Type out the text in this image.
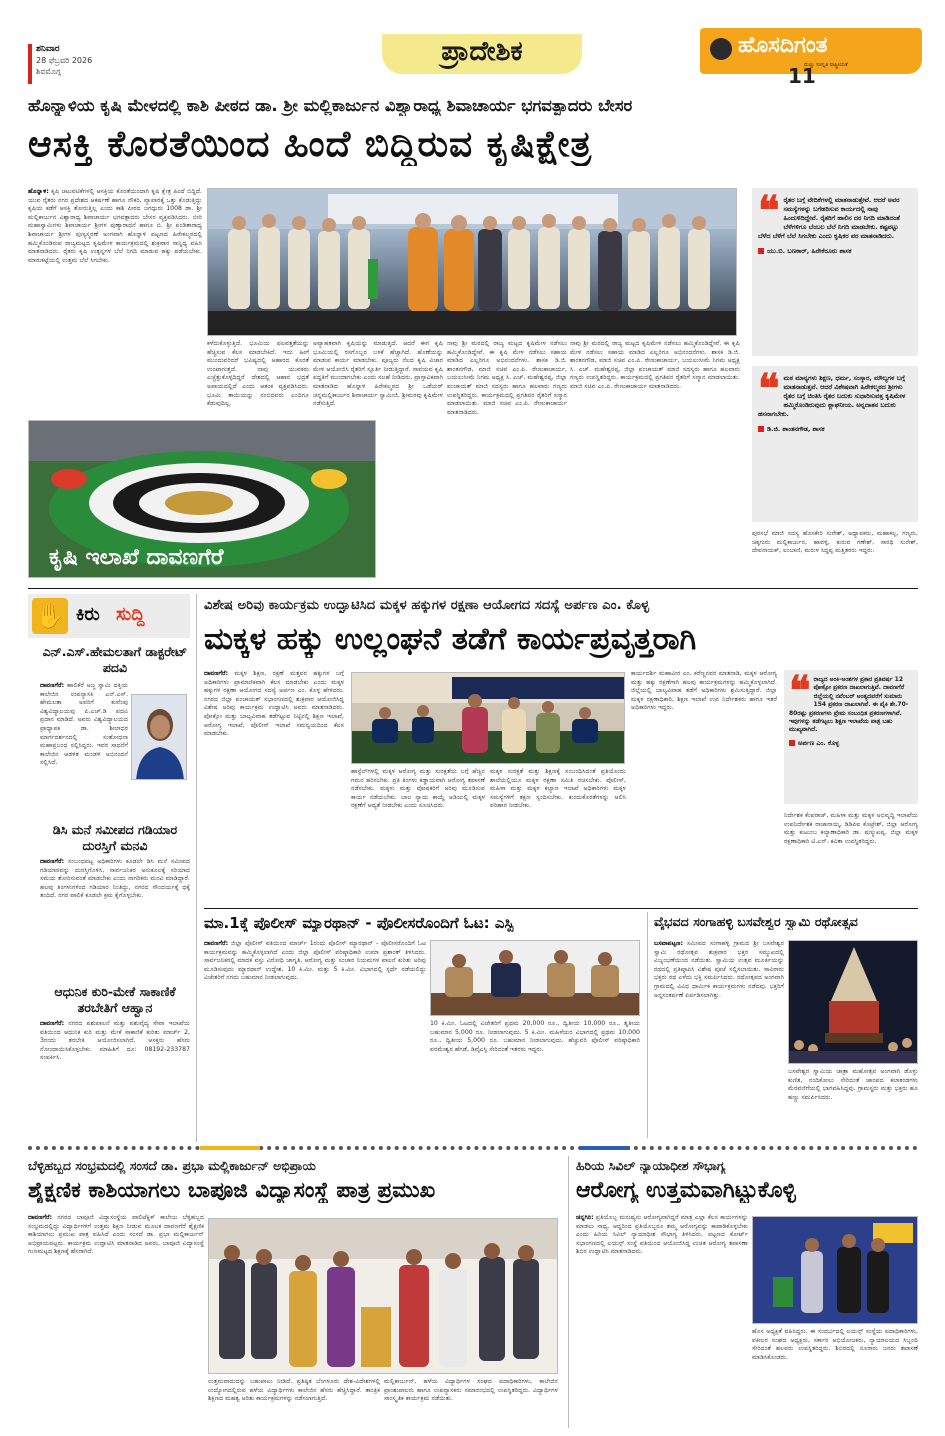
ಶನಿವಾರ
28 ಫೆಬ್ರವರಿ 2026
ಶಿವಮೊಗ್ಗ
ಪ್ರಾದೇಶಿಕ	ಹೊಸದಿಗಂತ
ಮಣ್ಣು ಸಂಸ್ಕೃತಿ ರಾಷ್ಟ್ರೀಯತೆ
11
ಹೊನ್ನಾಳಿಯ ಕೃಷಿ ಮೇಳದಲ್ಲಿ ಕಾಶಿ ಪೀಠದ ಡಾ. ಶ್ರೀ ಮಲ್ಲಿಕಾರ್ಜುನ ವಿಶ್ವಾರಾಧ್ಯ ಶಿವಾಚಾರ್ಯ ಭಗವತ್ಪಾದರು ಬೇಸರ
ಆಸಕ್ತಿ ಕೊರತೆಯಿಂದ ಹಿಂದೆ ಬಿದ್ದಿರುವ ಕೃಷಿಕ್ಷೇತ್ರ
ಹೊನ್ನಾಳಿ: ಕೃಷಿ ಚಟುವಟಿಕೆಗಳಲ್ಲಿ ಆಸಕ್ತಿಯ ಕೊರತೆಯಿಂದಾಗಿ ಕೃಷಿ ಕ್ಷೇತ್ರ ಹಿಂದೆ ಬಿದ್ದಿದೆ. ಯುವ ರೈತರು ನಗರ ಪ್ರದೇಶದ ಆಕರ್ಷಣೆ ಹಾಗೂ ನೌಕರಿ, ವ್ಯಾಪಾರಕ್ಕೆ ಒತ್ತು ಕೊಡುತ್ತಿದ್ದು ಕೃಷಿಯ ಕಡೆಗೆ ಆಸಕ್ತಿ ತೋರುತ್ತಿಲ್ಲ ಎಂದು ಕಾಶಿ ಪೀಠದ ಜಗದ್ಗುರು 1008 ಡಾ. ಶ್ರೀ ಮಲ್ಲಿಕಾರ್ಜುನ ವಿಶ್ವಾರಾಧ್ಯ ಶಿವಾಚಾರ್ಯ ಭಗವತ್ಪಾದರು ಬೇಸರ ವ್ಯಕ್ತಪಡಿಸಿದರು. ಬೀರಿ ಮಹಾಸ್ವಾಮಿಗಳು ಶಿವಾಚಾರ್ಯ ಶ್ರೀಗಳ ಪುಣ್ಯಾರಾಧನೆ ಹಾಗೂ ಬಿ. ಶ್ರೀ ಪಂಡಿತಾರಾಧ್ಯ ಶಿವಾಚಾರ್ಯ ಶ್ರೀಗಳ ಪುಣ್ಯಸ್ಮರಣೆ ಅಂಗವಾಗಿ ಹೊನ್ನಾಳಿ ಪಟ್ಟಣದ ಹಿರೇಕಲ್ಮಠದಲ್ಲಿ ಹಮ್ಮಿಕೊಂಡಿರುವ ರಾಜ್ಯಮಟ್ಟದ ಕೃಷಿಮೇಳ ಕಾರ್ಯಕ್ರಮದಲ್ಲಿ ಶುಕ್ರವಾರ ಸಾನ್ನಿಧ್ಯ ವಹಿಸಿ ಮಾತನಾಡಿದರು. ರೈತರು ಕೃಷಿ ಉತ್ಪನ್ನಗಳ ಬೆಲೆ ನಿಗದಿ ಮಾಡುವ ಹಕ್ಕು ಪಡೆಯಬೇಕು. ಮಾರುಕಟ್ಟೆಯಲ್ಲಿ ಉತ್ತಮ ಬೆಲೆ ಸಿಗಬೇಕು.
ಕಳೆದುಕೊಳ್ಳುತ್ತಿದೆ. ಭೂಮಿಯ ಫಲವತ್ತತೆಯನ್ನು ಹೆಚ್ಚಿಸುವ ಕೆಲಸ ಮಾಡಬೇಕಿದೆ. ಇದು ಹೀಗೆ ಮುಂದುವರಿದರೆ ಭವಿಷ್ಯದಲ್ಲಿ ಆಹಾರದ ಕೊರತೆ ಉಂಟಾಗುತ್ತದೆ. ನಾವು ಯುವಕರು ಎಚ್ಚೆತ್ತುಕೊಳ್ಳದಿದ್ದರೆ ದೇಶದಲ್ಲಿ ಆಹಾರ ಭದ್ರತೆ ಅಪಾಯದಲ್ಲಿದೆ ಎಂದು ಆತಂಕ ವ್ಯಕ್ತಪಡಿಸಿದರು. ಭೂಮಿ ತಾಯಿಯನ್ನು ನಂಬಿದವರು ಎಂದಿಗೂ ಕೆಡುವುದಿಲ್ಲ.
ಅವ್ಯಾಹತವಾಗಿ ಕೃಷಿಯನ್ನು ಮಾಡುತ್ತಿದೆ. ಆದರೆ ಈಗ ಕೃಷಿ ಭೂಮಿಯಲ್ಲಿ ರಸಗೊಬ್ಬರ ಬಳಕೆ ಹೆಚ್ಚಾಗಿದೆ. ಹೊಣೆಯನ್ನು ಮಾಡುವ ಕಾರ್ಯ ಮಾಡಬೇಕು. ಪೂಜ್ಯರು ನೆಲದ ಕೃಷಿ ವಿಚಾರ ಮೇಳ ಆಯೋಜಿಸಿ ರೈತರಿಗೆ ಸ್ಪೂರ್ತಿ ನೀಡುತ್ತಿದ್ದಾರೆ. ಸಾವಯವ ಕೃಷಿ ಪದ್ದತಿಗೆ ಮುಂದಾಗಬೇಕು ಎಂದು ಸಲಹೆ ನೀಡಿದರು. ಪ್ರಾಸ್ತಾವಿಕವಾಗಿ ಮಾತನಾಡಿದ ಹೊನ್ನಾಳಿ ಹಿರೇಕಲ್ಮಠದ ಶ್ರೀ ಒಡೆಯರ್ ಚನ್ನಮಲ್ಲಿಕಾರ್ಜುನ ಶಿವಾಚಾರ್ಯ ಸ್ವಾಮೀಜಿ, ಶ್ರೀಮಠವು ಕೃಷಿಮೇಳ ನಡೆಸುತ್ತಿದೆ.
ನಾವು ಶ್ರೀ ಮಠದಲ್ಲಿ ರಾಜ್ಯ ಮಟ್ಟದ ಕೃಷಿಮೇಳ ನಡೆಸಲು ಹಮ್ಮಿಕೊಂಡಿದ್ದೇವೆ. ಈ ಕೃಷಿ ಮೇಳ ನಡೆಸಲು ಸಹಾಯ ಮಾಡಿದ ಎಲ್ಲರಿಗೂ ಅಭಿನಂದನೆಗಳು. ಶಾಸಕ ಡಿ.ಜಿ. ಶಾಂತನಗೌಡ, ಮಾಜಿ ಸಚಿವ ಎಂ.ಪಿ. ರೇಣುಕಾಚಾರ್ಯ, ಬಯಲುಸೀಮೆ ನಿಗಮ ಅಧ್ಯಕ್ಷ ಸಿ. ಎಚ್. ಮಹೇಶ್ವರಪ್ಪ, ಜಿಲ್ಲಾ ಪಂಚಾಯತ್ ಮಾಜಿ ಸದಸ್ಯರು ಹಾಗೂ ಹಲವಾರು ಗಣ್ಯರು ಉಪಸ್ಥಿತರಿದ್ದರು. ಕಾರ್ಯಕ್ರಮದಲ್ಲಿ ಪ್ರಗತಿಪರ ರೈತರಿಗೆ ಸನ್ಮಾನ ಮಾಡಲಾಯಿತು. ಮಾಜಿ ಸಚಿವ ಎಂ.ಪಿ. ರೇಣುಕಾಚಾರ್ಯ ಮಾತನಾಡಿದರು.
ನಾವು ಶ್ರೀ ಮಠದಲ್ಲಿ ರಾಜ್ಯ ಮಟ್ಟದ ಕೃಷಿಮೇಳ ನಡೆಸಲು ಹಮ್ಮಿಕೊಂಡಿದ್ದೇವೆ. ಈ ಕೃಷಿ ಮೇಳ ನಡೆಸಲು ಸಹಾಯ ಮಾಡಿದ ಎಲ್ಲರಿಗೂ ಅಭಿನಂದನೆಗಳು. ಶಾಸಕ ಡಿ.ಜಿ. ಶಾಂತನಗೌಡ, ಮಾಜಿ ಸಚಿವ ಎಂ.ಪಿ. ರೇಣುಕಾಚಾರ್ಯ, ಬಯಲುಸೀಮೆ ನಿಗಮ ಅಧ್ಯಕ್ಷ ಸಿ. ಎಚ್. ಮಹೇಶ್ವರಪ್ಪ, ಜಿಲ್ಲಾ ಪಂಚಾಯತ್ ಮಾಜಿ ಸದಸ್ಯರು ಹಾಗೂ ಹಲವಾರು ಗಣ್ಯರು ಉಪಸ್ಥಿತರಿದ್ದರು. ಕಾರ್ಯಕ್ರಮದಲ್ಲಿ ಪ್ರಗತಿಪರ ರೈತರಿಗೆ ಸನ್ಮಾನ ಮಾಡಲಾಯಿತು. ಮಾಜಿ ಸಚಿವ ಎಂ.ಪಿ. ರೇಣುಕಾಚಾರ್ಯ ಮಾತನಾಡಿದರು.
ಕೃಷಿ ಇಲಾಖೆ ದಾವಣಗೆರೆ
❝ ರೈತರ ಬಗ್ಗೆ ವೇದಿಕೆಗಳಲ್ಲಿ ಮಾತನಾಡುತ್ತೇವೆ. ಆದರೆ ಅವರ ಸಮಸ್ಯೆಗಳನ್ನು ಬಗೆಹರಿಸುವ ಕಾರ್ಯದಲ್ಲಿ ನಾವು ಹಿಂದುಳಿದಿದ್ದೇವೆ. ರೈತರಿಗೆ ಹಾಲಿನ ದರ ನಿಗದಿ ಮಾಡಿದಂತೆ ಬೆಳೆಗಳಿಗೂ ಬೆಂಬಲ ಬೆಲೆ ನಿಗದಿ ಮಾಡಬೇಕು. ಕಷ್ಟಪಟ್ಟು ಬೆಳೆದ ಬೆಳೆಗೆ ಬೆಲೆ ಸಿಗಬೇಕು ಎಂದು ಕೃಷಿಕರ ಪರ ಮಾತನಾಡಿದರು.
ಯು.ಬಿ. ಬಣಕಾರ್, ಹಿರೇಕೆರೂರು ಶಾಸಕ
❝ ಮಠ ಮಾನ್ಯಗಳು ಶಿಕ್ಷಣ, ಧರ್ಮ, ಸಂಸ್ಕಾರ, ಮೌಲ್ಯಗಳ ಬಗ್ಗೆ ಮಾತನಾಡುತ್ತವೆ. ಆದರೆ ವಿಶೇಷವಾಗಿ ಹಿರೇಕಲ್ಮಠದ ಶ್ರೀಗಳು ರೈತರ ಬಗ್ಗೆ ಚಿಂತಿಸಿ ರೈತರ ಬದುಕು ಸುಧಾರಿಸುವತ್ತ ಕೃಷಿಮೇಳ ಹಮ್ಮಿಕೊಂಡಿರುವುದು ಶ್ಲಾಘನೀಯ. ಅನ್ನದಾತನ ಬದುಕು ಹಸನಾಗಬೇಕು.
ಡಿ.ಜಿ. ಶಾಂತನಗೌಡ, ಶಾಸಕ
ಪುರಸಭೆ ಮಾಜಿ ಸದಸ್ಯ ಹೊಸಕೇರಿ ಸುರೇಶ್, ಅಧ್ಯಾಪಕರು, ಮಹಾಕಲ್ಪ, ಗಣ್ಯರು, ಚಿಕ್ಕಗುರು ಮಲ್ಲಿಕಾರ್ಜುನ, ಹಾವಳ್ಳಿ, ಕುರುವ ಗಣೇಶ್, ಸಾರಥಿ ಸುರೇಶ್, ದೇವನಾಯಕ್, ಲಂಬಾಣಿ, ಮರುಳ ಸಿದ್ದಪ್ಪ ಮತ್ತಿತರರು ಇದ್ದರು.
✋ ಕಿರು ಸುದ್ದಿ
ಎನ್.ಎಸ್.ಹೇಮಲತಾಗೆ ಡಾಕ್ಟರೇಟ್ ಪದವಿ
ದಾವಣಗೆರೆ: ಹಾಲಿಕೆರೆ ಅಜ್ಜ ಸ್ವಾಮಿ ದತ್ತಿಯ ಕಾಲೇಜಿನ ಉಪನ್ಯಾಸಕಿ ಎನ್.ಎಸ್. ಹೇಮಲತಾ ಅವರಿಗೆ ಕುವೆಂಪು ವಿಶ್ವವಿದ್ಯಾಲಯವು ಪಿ.ಎಚ್.ಡಿ ಪದವಿ ಪ್ರದಾನ ಮಾಡಿದೆ. ಅವರು ವಿಶ್ವವಿದ್ಯಾಲಯದ ಪ್ರಾಧ್ಯಾಪಕ ಡಾ. ಶೀಲಾಧರ ಮಾರ್ಗದರ್ಶನದಲ್ಲಿ ಸಂಶೋಧನಾ ಮಹಾಪ್ರಬಂಧ ಸಲ್ಲಿಸಿದ್ದರು. ಇವರ ಸಾಧನೆಗೆ ಕಾಲೇಜಿನ ಆಡಳಿತ ಮಂಡಳಿ ಅಭಿನಂದನೆ ಸಲ್ಲಿಸಿದೆ.
ಡಿಸಿ ಮನೆ ಸಮೀಪದ ಗಡಿಯಾರ ದುರಸ್ತಿಗೆ ಮನವಿ
ದಾವಣಗೆರೆ: ಸಂಬಂಧಪಟ್ಟ ಅಧಿಕಾರಿಗಳು ಕೂಡಲೇ ಡಿಸಿ ಮನೆ ಸಮೀಪದ ಗಡಿಯಾರವನ್ನು ದುರಸ್ತಿಗೊಳಿಸಿ, ಸಾರ್ವಜನಿಕರ ಅನುಕೂಲಕ್ಕೆ ಸರಿಯಾದ ಸಮಯ ತೋರಿಸುವಂತೆ ಮಾಡಬೇಕು ಎಂದು ನಾಗರಿಕರು ಮನವಿ ಮಾಡಿದ್ದಾರೆ. ಹಲವು ತಿಂಗಳುಗಳಿಂದ ಗಡಿಯಾರ ನಿಂತಿದ್ದು, ನಗರದ ಸೌಂದರ್ಯಕ್ಕೆ ಧಕ್ಕೆ ತಂದಿದೆ. ನಗರ ಪಾಲಿಕೆ ಕೂಡಲೇ ಕ್ರಮ ಕೈಗೊಳ್ಳಬೇಕು.
ಆಧುನಿಕ ಕುರಿ-ಮೇಕೆ ಸಾಕಾಣಿಕೆ ತರಬೇತಿಗೆ ಆಹ್ವಾನ
ದಾವಣಗೆರೆ: ನಗರದ ಪಶುಪಾಲನೆ ಮತ್ತು ಪಶುವೈದ್ಯ ಸೇವಾ ಇಲಾಖೆಯ ವತಿಯಿಂದ ಆಧುನಿಕ ಕುರಿ ಮತ್ತು ಮೇಕೆ ಸಾಕಾಣಿಕೆ ಕುರಿತು ಮಾರ್ಚ್ 2, 3ರಂದು ತರಬೇತಿ ಆಯೋಜಿಸಲಾಗಿದೆ. ಆಸಕ್ತರು ಹೆಸರು ನೋಂದಾಯಿಸಿಕೊಳ್ಳಬೇಕು. ಮಾಹಿತಿಗೆ ದೂ: 08192-233787 ಸಂಪರ್ಕಿಸಿ.
ವಿಶೇಷ ಅರಿವು ಕಾರ್ಯಕ್ರಮ ಉದ್ಘಾಟಿಸಿದ ಮಕ್ಕಳ ಹಕ್ಕುಗಳ ರಕ್ಷಣಾ ಆಯೋಗದ ಸದಸ್ಯೆ ಅರ್ಪಣ ಎಂ. ಕೊಳ್ಳ
ಮಕ್ಕಳ ಹಕ್ಕು ಉಲ್ಲಂಘನೆ ತಡೆಗೆ ಕಾರ್ಯಪ್ರವೃತ್ತರಾಗಿ
ದಾವಣಗೆರೆ: ಮಕ್ಕಳ ಶಿಕ್ಷಣ, ರಕ್ಷಣೆ ಮತ್ತವರ ಹಕ್ಕುಗಳ ಬಗ್ಗೆ ಅಧಿಕಾರಿಗಳು ಪ್ರಾಮಾಣಿಕವಾಗಿ ಕೆಲಸ ಮಾಡಬೇಕು ಎಂದು ಮಕ್ಕಳ ಹಕ್ಕುಗಳ ರಕ್ಷಣಾ ಆಯೋಗದ ಸದಸ್ಯೆ ಅರ್ಪಣ ಎಂ. ಕೊಳ್ಳ ಹೇಳಿದರು. ನಗರದ ಜಿಲ್ಲಾ ಪಂಚಾಯತ್ ಸಭಾಂಗಣದಲ್ಲಿ ಶುಕ್ರವಾರ ಆಯೋಜಿಸಿದ್ದ ವಿಶೇಷ ಅರಿವು ಕಾರ್ಯಕ್ರಮ ಉದ್ಘಾಟಿಸಿ ಅವರು ಮಾತನಾಡಿದರು. ಪೋಕ್ಸೋ ಮತ್ತು ಬಾಲ್ಯವಿವಾಹ ತಡೆಗಟ್ಟುವ ನಿಟ್ಟಿನಲ್ಲಿ ಶಿಕ್ಷಣ ಇಲಾಖೆ, ಆರೋಗ್ಯ ಇಲಾಖೆ, ಪೊಲೀಸ್ ಇಲಾಖೆ ಸಮನ್ವಯದಿಂದ ಕೆಲಸ ಮಾಡಬೇಕು.
ಹಾಸ್ಟೆಲ್‌ಗಳಲ್ಲಿ ಮಕ್ಕಳ ಆರೋಗ್ಯ ಮತ್ತು ಸುರಕ್ಷತೆಯ ಬಗ್ಗೆ ಹೆಚ್ಚಿನ ಗಮನ ಹರಿಸಬೇಕು. ಪ್ರತಿ ತಿಂಗಳು ಕಡ್ಡಾಯವಾಗಿ ಆರೋಗ್ಯ ತಪಾಸಣೆ ನಡೆಸಬೇಕು. ಮಕ್ಕಳು ಮತ್ತು ಪೋಷಕರಿಗೆ ಅರಿವು ಮೂಡಿಸುವ ಕಾರ್ಯ ನಡೆಯಬೇಕು. ಬಾಲ ನ್ಯಾಯ ಕಾಯ್ದೆ ಅಡಿಯಲ್ಲಿ ಮಕ್ಕಳ ರಕ್ಷಣೆಗೆ ಆದ್ಯತೆ ನೀಡಬೇಕು ಎಂದು ಸೂಚಿಸಿದರು.
ಮಕ್ಕಳ ಸುರಕ್ಷತೆ ಮತ್ತು ಶಿಕ್ಷಣಕ್ಕೆ ಸಂಬಂಧಿಸಿದಂತೆ ಪ್ರತಿಯೊಂದು ಶಾಲೆಯಲ್ಲಿಯೂ ಮಕ್ಕಳ ರಕ್ಷಣಾ ಸಮಿತಿ ರಚಿಸಬೇಕು. ಪೊಲೀಸ್, ಮಹಿಳಾ ಮತ್ತು ಮಕ್ಕಳ ಕಲ್ಯಾಣ ಇಲಾಖೆ ಅಧಿಕಾರಿಗಳು ಮಕ್ಕಳ ಸಮಸ್ಯೆಗಳಿಗೆ ತಕ್ಷಣ ಸ್ಪಂದಿಸಬೇಕು. ಕುಂದುಕೊರತೆಗಳನ್ನು ಆಲಿಸಿ ಪರಿಹಾರ ನೀಡಬೇಕು.
ಕಾರ್ಯದರ್ಶಿ ಮಹಾವೀರ ಎಂ. ಕರೆಣ್ಣನವರ ಮಾತನಾಡಿ, ಮಕ್ಕಳ ಆರೋಗ್ಯ ಮತ್ತು ಹಕ್ಕು ರಕ್ಷಣೆಗಾಗಿ ಹಲವು ಕಾರ್ಯಕ್ರಮಗಳನ್ನು ಹಮ್ಮಿಕೊಳ್ಳಲಾಗಿದೆ. ಜಿಲ್ಲೆಯಲ್ಲಿ ಬಾಲ್ಯವಿವಾಹ ತಡೆಗೆ ಅಧಿಕಾರಿಗಳು ಶ್ರಮಿಸುತ್ತಿದ್ದಾರೆ. ಜಿಲ್ಲಾ ಮಕ್ಕಳ ರಕ್ಷಣಾಧಿಕಾರಿ, ಶಿಕ್ಷಣ ಇಲಾಖೆ ಉಪ ನಿರ್ದೇಶಕರು ಹಾಗೂ ಇತರೆ ಅಧಿಕಾರಿಗಳು ಇದ್ದರು.	❝ ರಾಜ್ಯದ ಅಂಕಿ-ಅಂಶಗಳ ಪ್ರಕಾರ ಪ್ರತಿವರ್ಷ 12 ಪೋಕ್ಸೋ ಪ್ರಕರಣ ದಾಖಲಾಗುತ್ತಿವೆ. ದಾವಣಗೆರೆ ಜಿಲ್ಲೆಯಲ್ಲಿ ನವೆಂಬರ್ ಅಂತ್ಯದವರೆಗೆ ಸುಮಾರು 154 ಪ್ರಕರಣ ದಾಖಲಾಗಿವೆ. ಈ ಪೈಕಿ ಶೇ.70-80ರಷ್ಟು ಪ್ರಕರಣಗಳು ಪ್ರೇಮ ಸಂಬಂಧಿತ ಪ್ರಕರಣಗಳಾಗಿವೆ. ಇವುಗಳನ್ನು ತಡೆಗಟ್ಟಲು ಶಿಕ್ಷಣ ಇಲಾಖೆಯ ಪಾತ್ರ ಬಹು ಮುಖ್ಯವಾಗಿದೆ.
ಅರ್ಪಣ ಎಂ. ಕೊಳ್ಳ
ನಿರ್ದೇಶಕ ಕೆಂಪರಾಜ್, ಮಹಿಳಾ ಮತ್ತು ಮಕ್ಕಳ ಅಭಿವೃದ್ಧಿ ಇಲಾಖೆಯ ಉಪನಿರ್ದೇಶಕ ರಾಜಾನಾಯ್ಕ, ಡಿಡಿಪಿಐ ಕೊಟ್ರೇಶ್, ಜಿಲ್ಲಾ ಆರೋಗ್ಯ ಮತ್ತು ಕುಟುಂಬ ಕಲ್ಯಾಣಾಧಿಕಾರಿ ಡಾ. ಷಣ್ಮುಖಪ್ಪ, ಜಿಲ್ಲಾ ಮಕ್ಕಳ ರಕ್ಷಣಾಧಿಕಾರಿ ಟಿ.ಎನ್. ಕವಿತಾ ಉಪಸ್ಥಿತರಿದ್ದರು.
ಮಾ.1ಕ್ಕೆ ಪೊಲೀಸ್ ಮ್ಯಾರಥಾನ್ - ಪೊಲೀಸರೊಂದಿಗೆ ಓಟ: ಎಸ್ಪಿ
ದಾವಣಗೆರೆ: ಜಿಲ್ಲಾ ಪೊಲೀಸ್ ವತಿಯಿಂದ ಮಾರ್ಚ್ 1ರಂದು ಪೊಲೀಸ್ ಮ್ಯಾರಥಾನ್ - ಪೊಲೀಸರೊಂದಿಗೆ ಓಟ ಕಾರ್ಯಕ್ರಮವನ್ನು ಹಮ್ಮಿಕೊಳ್ಳಲಾಗಿದೆ ಎಂದು ಜಿಲ್ಲಾ ಪೊಲೀಸ್ ವರಿಷ್ಠಾಧಿಕಾರಿ ಉಮಾ ಪ್ರಶಾಂತ್ ತಿಳಿಸಿದರು. ಸಾರ್ವಜನಿಕರಲ್ಲಿ ಮಾದಕ ವಸ್ತು ವಿರೋಧಿ ಜಾಗೃತಿ, ಆರೋಗ್ಯ ಮತ್ತು ಸಂಚಾರ ನಿಯಮಗಳ ಪಾಲನೆ ಕುರಿತು ಅರಿವು ಮೂಡಿಸುವುದು ಮ್ಯಾರಥಾನ್ ಉದ್ದೇಶ. 10 ಕಿ.ಮೀ. ಮತ್ತು 5 ಕಿ.ಮೀ. ವಿಭಾಗದಲ್ಲಿ ಸ್ಪರ್ಧೆ ನಡೆಯಲಿದ್ದು ವಿಜೇತರಿಗೆ ನಗದು ಬಹುಮಾನ ನೀಡಲಾಗುವುದು.
10 ಕಿ.ಮೀ. ಓಟದಲ್ಲಿ ವಿಜೇತರಿಗೆ ಪ್ರಥಮ 20,000 ರೂ., ದ್ವಿತೀಯ 10,000 ರೂ., ತೃತೀಯ ಬಹುಮಾನ 5,000 ರೂ. ನೀಡಲಾಗುವುದು. 5 ಕಿ.ಮೀ. ಮಹಿಳೆಯರ ವಿಭಾಗದಲ್ಲಿ ಪ್ರಥಮ 10,000 ರೂ., ದ್ವಿತೀಯ 5,000 ರೂ. ಬಹುಮಾನ ನೀಡಲಾಗುವುದು. ಹೆಚ್ಚುವರಿ ಪೊಲೀಸ್ ವರಿಷ್ಠಾಧಿಕಾರಿ ಪರಮೇಶ್ವರ ಹೆಗಡೆ, ಡಿವೈಎಸ್ಪಿ ಸೇರಿದಂತೆ ಇತರರು ಇದ್ದರು.
ವೈಭವದ ಸಂಗಾಹಳ್ಳಿ ಬಸವೇಶ್ವರ ಸ್ವಾಮಿ ರಥೋತ್ಸವ
ಬಸವಾಪಟ್ಟಣ: ಸಮೀಪದ ಸಂಗಾಹಳ್ಳಿ ಗ್ರಾಮದ ಶ್ರೀ ಬಸವೇಶ್ವರ ಸ್ವಾಮಿ ರಥೋತ್ಸವ ಶುಕ್ರವಾರ ಭಕ್ತರ ಸಮ್ಮುಖದಲ್ಲಿ ವಿಜೃಂಭಣೆಯಿಂದ ನಡೆಯಿತು. ಸ್ವಾಮಿಯ ಉತ್ಸವ ಮೂರ್ತಿಯನ್ನು ರಥದಲ್ಲಿ ಪ್ರತಿಷ್ಠಾಪಿಸಿ ವಿಶೇಷ ಪೂಜೆ ಸಲ್ಲಿಸಲಾಯಿತು. ಸಾವಿರಾರು ಭಕ್ತರು ರಥ ಎಳೆದು ಭಕ್ತಿ ಸಮರ್ಪಿಸಿದರು. ರಥೋತ್ಸವದ ಅಂಗವಾಗಿ ಗ್ರಾಮದಲ್ಲಿ ವಿವಿಧ ಧಾರ್ಮಿಕ ಕಾರ್ಯಕ್ರಮಗಳು ನಡೆದವು. ಭಕ್ತರಿಗೆ ಅನ್ನಸಂತರ್ಪಣೆ ಏರ್ಪಡಿಸಲಾಗಿತ್ತು.
ಬಸವೇಶ್ವರ ಸ್ವಾಮಿಯ ಜಾತ್ರಾ ಮಹೋತ್ಸವ ಅಂಗವಾಗಿ ಡೊಳ್ಳು ಕುಣಿತ, ನಂದಿಕೋಲು ಸೇರಿದಂತೆ ಜಾನಪದ ಕಲಾತಂಡಗಳು ಮೆರವಣಿಗೆಯಲ್ಲಿ ಭಾಗವಹಿಸಿದ್ದವು. ಗ್ರಾಮಸ್ಥರು ಮತ್ತು ಭಕ್ತರು ಹೂ ಹಣ್ಣು ಸಮರ್ಪಿಸಿದರು.
ಬೆಳ್ಳಿಹಬ್ಬದ ಸಂಭ್ರಮದಲ್ಲಿ ಸಂಸದೆ ಡಾ. ಪ್ರಭಾ ಮಲ್ಲಿಕಾರ್ಜುನ್ ಅಭಿಪ್ರಾಯ
ಶೈಕ್ಷಣಿಕ ಕಾಶಿಯಾಗಲು ಬಾಪೂಜಿ ವಿದ್ಯಾಸಂಸ್ಥೆ ಪಾತ್ರ ಪ್ರಮುಖ
ದಾವಣಗೆರೆ: ನಗರದ ಬಾಪೂಜಿ ವಿದ್ಯಾಸಂಸ್ಥೆಯ ಪಾಲಿಟೆಕ್ನಿಕ್ ಕಾಲೇಜು ಬೆಳ್ಳಿಹಬ್ಬದ ಸಂಭ್ರಮದಲ್ಲಿದ್ದು ವಿದ್ಯಾರ್ಥಿಗಳಿಗೆ ಉತ್ತಮ ಶಿಕ್ಷಣ ನೀಡುವ ಮೂಲಕ ದಾವಣಗೆರೆ ಶೈಕ್ಷಣಿಕ ಕಾಶಿಯಾಗಲು ಪ್ರಮುಖ ಪಾತ್ರ ವಹಿಸಿದೆ ಎಂದು ಸಂಸದೆ ಡಾ. ಪ್ರಭಾ ಮಲ್ಲಿಕಾರ್ಜುನ್ ಅಭಿಪ್ರಾಯಪಟ್ಟರು. ಕಾರ್ಯಕ್ರಮ ಉದ್ಘಾಟಿಸಿ ಮಾತನಾಡಿದ ಅವರು, ಬಾಪೂಜಿ ವಿದ್ಯಾಸಂಸ್ಥೆ ಗುಣಮಟ್ಟದ ಶಿಕ್ಷಣಕ್ಕೆ ಹೆಸರಾಗಿದೆ.
ಉತ್ತಮವಾದುದನ್ನು ಬಹುಪಾಲು ನೀಡಿದೆ. ಪ್ರತಿಷ್ಠಿತ ಬೆಂಗಳೂರು ದೇಶ-ವಿದೇಶಗಳಲ್ಲಿ ಉದ್ಯೋಗದಲ್ಲಿರುವ ಹಳೆಯ ವಿದ್ಯಾರ್ಥಿಗಳು ಕಾಲೇಜಿನ ಹೆಸರು ಹೆಚ್ಚಿಸಿದ್ದಾರೆ. ತಾಂತ್ರಿಕ ಶಿಕ್ಷಣದ ಮಹತ್ವ ಅರಿತು ಕಾರ್ಯಕ್ರಮಗಳನ್ನು ನಡೆಸಲಾಗುತ್ತಿದೆ.
ಮಲ್ಲಿಕಾರ್ಜುನ್, ಹಳೆಯ ವಿದ್ಯಾರ್ಥಿಗಳ ಸಂಘದ ಪದಾಧಿಕಾರಿಗಳು, ಕಾಲೇಜಿನ ಪ್ರಾಂಶುಪಾಲರು ಹಾಗೂ ಉಪನ್ಯಾಸಕರು ಸಮಾರಂಭದಲ್ಲಿ ಉಪಸ್ಥಿತರಿದ್ದರು. ವಿದ್ಯಾರ್ಥಿಗಳ ಸಾಂಸ್ಕೃತಿಕ ಕಾರ್ಯಕ್ರಮ ನಡೆಯಿತು.
ಹಿರಿಯ ಸಿವಿಲ್ ನ್ಯಾಯಾಧೀಶ ಸೌಭಾಗ್ಯ
ಆರೋಗ್ಯ ಉತ್ತಮವಾಗಿಟ್ಟುಕೊಳ್ಳಿ
ಚನ್ನಗಿರಿ: ಪ್ರತಿಯೊಬ್ಬ ಮನುಷ್ಯನು ಆರೋಗ್ಯವಾಗಿದ್ದರೆ ಮಾತ್ರ ಎಲ್ಲಾ ಕೆಲಸ ಕಾರ್ಯಗಳನ್ನು ಮಾಡಲು ಸಾಧ್ಯ. ಆದ್ದರಿಂದ ಪ್ರತಿಯೊಬ್ಬರೂ ತಮ್ಮ ಆರೋಗ್ಯವನ್ನು ಕಾಪಾಡಿಕೊಳ್ಳಬೇಕು ಎಂದು ಹಿರಿಯ ಸಿವಿಲ್ ನ್ಯಾಯಾಧೀಶ ಸೌಭಾಗ್ಯ ತಿಳಿಸಿದರು. ಪಟ್ಟಣದ ಕೋರ್ಟ್ ಸಭಾಂಗಣದಲ್ಲಿ ಲಯನ್ಸ್ ಸಂಸ್ಥೆ ವತಿಯಿಂದ ಆಯೋಜಿಸಿದ್ದ ಉಚಿತ ಆರೋಗ್ಯ ತಪಾಸಣಾ ಶಿಬಿರ ಉದ್ಘಾಟಿಸಿ ಮಾತನಾಡಿದರು.
ಹೊಸ ಅಧ್ಯಕ್ಷತೆ ವಹಿಸಿದ್ದರು. ಈ ಸಂದರ್ಭದಲ್ಲಿ ಲಯನ್ಸ್ ಸಂಸ್ಥೆಯ ಪದಾಧಿಕಾರಿಗಳು, ವಕೀಲರ ಸಂಘದ ಅಧ್ಯಕ್ಷರು, ಸರ್ಕಾರಿ ಅಭಿಯೋಜಕರು, ನ್ಯಾಯಾಲಯದ ಸಿಬ್ಬಂದಿ ಸೇರಿದಂತೆ ಹಲವರು ಉಪಸ್ಥಿತರಿದ್ದರು. ಶಿಬಿರದಲ್ಲಿ ನೂರಾರು ಜನರು ತಪಾಸಣೆ ಮಾಡಿಸಿಕೊಂಡರು.
